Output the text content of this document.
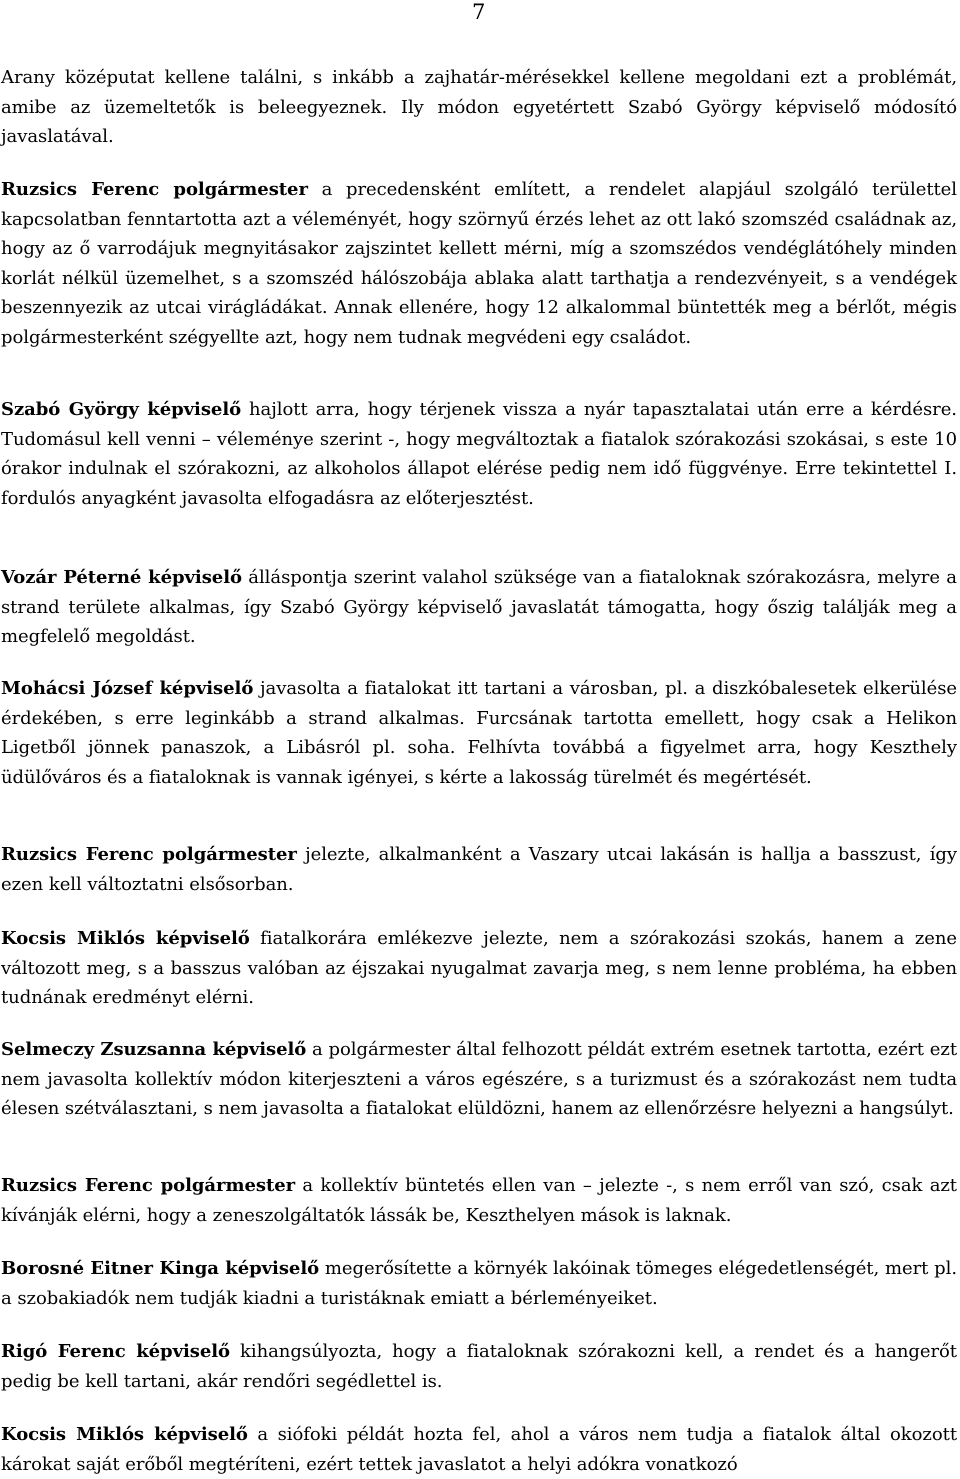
7

Arany középutat kellene találni, s inkább a zajhatár-mérésekkel kellene megoldani ezt a problémát, amibe az üzemeltetők is beleegyeznek. Ily módon egyetértett Szabó György képviselő módosító javaslatával.

Ruzsics Ferenc polgármester a precedensként említett, a rendelet alapjául szolgáló területtel kapcsolatban fenntartotta azt a véleményét, hogy szörnyű érzés lehet az ott lakó szomszéd családnak az, hogy az ő varrodájuk megnyitásakor zajszintet kellett mérni, míg a szomszédos vendéglátóhely minden korlát nélkül üzemelhet, s a szomszéd hálószobája ablaka alatt tarthatja a rendezvényeit, s a vendégek beszennyezik az utcai virágládákat. Annak ellenére, hogy 12 alkalommal büntették meg a bérlőt, mégis polgármesterként szégyellte azt, hogy nem tudnak megvédeni egy családot.

Szabó György képviselő hajlott arra, hogy térjenek vissza a nyár tapasztalatai után erre a kérdésre. Tudomásul kell venni – véleménye szerint -, hogy megváltoztak a fiatalok szórakozási szokásai, s este 10 órakor indulnak el szórakozni, az alkoholos állapot elérése pedig nem idő függvénye. Erre tekintettel I. fordulós anyagként javasolta elfogadásra az előterjesztést.

Vozár Péterné képviselő álláspontja szerint valahol szüksége van a fiataloknak szórakozásra, melyre a strand területe alkalmas, így Szabó György képviselő javaslatát támogatta, hogy őszig találják meg a megfelelő megoldást.

Mohácsi József képviselő javasolta a fiatalokat itt tartani a városban, pl. a diszkóbalesetek elkerülése érdekében, s erre leginkább a strand alkalmas. Furcsának tartotta emellett, hogy csak a Helikon Ligetből jönnek panaszok, a Libásról pl. soha. Felhívta továbbá a figyelmet arra, hogy Keszthely üdülőváros és a fiataloknak is vannak igényei, s kérte a lakosság türelmét és megértését.

Ruzsics Ferenc polgármester jelezte, alkalmanként a Vaszary utcai lakásán is hallja a basszust, így ezen kell változtatni elsősorban.

Kocsis Miklós képviselő fiatalkorára emlékezve jelezte, nem a szórakozási szokás, hanem a zene változott meg, s a basszus valóban az éjszakai nyugalmat zavarja meg, s nem lenne probléma, ha ebben tudnának eredményt elérni.

Selmeczy Zsuzsanna képviselő a polgármester által felhozott példát extrém esetnek tartotta, ezért ezt nem javasolta kollektív módon kiterjeszteni a város egészére, s a turizmust és a szórakozást nem tudta élesen szétválasztani, s nem javasolta a fiatalokat elüldözni, hanem az ellenőrzésre helyezni a hangsúlyt.

Ruzsics Ferenc polgármester a kollektív büntetés ellen van – jelezte -, s nem erről van szó, csak azt kívánják elérni, hogy a zeneszolgáltatók lássák be, Keszthelyen mások is laknak.

Borosné Eitner Kinga képviselő megerősítette a környék lakóinak tömeges elégedetlenségét, mert pl. a szobakiadók nem tudják kiadni a turistáknak emiatt a bérleményeiket.

Rigó Ferenc képviselő kihangsúlyozta, hogy a fiataloknak szórakozni kell, a rendet és a hangerőt pedig be kell tartani, akár rendőri segédlettel is.

Kocsis Miklós képviselő a siófoki példát hozta fel, ahol a város nem tudja a fiatalok által okozott károkat saját erőből megtéríteni, ezért tettek javaslatot a helyi adókra vonatkozó
